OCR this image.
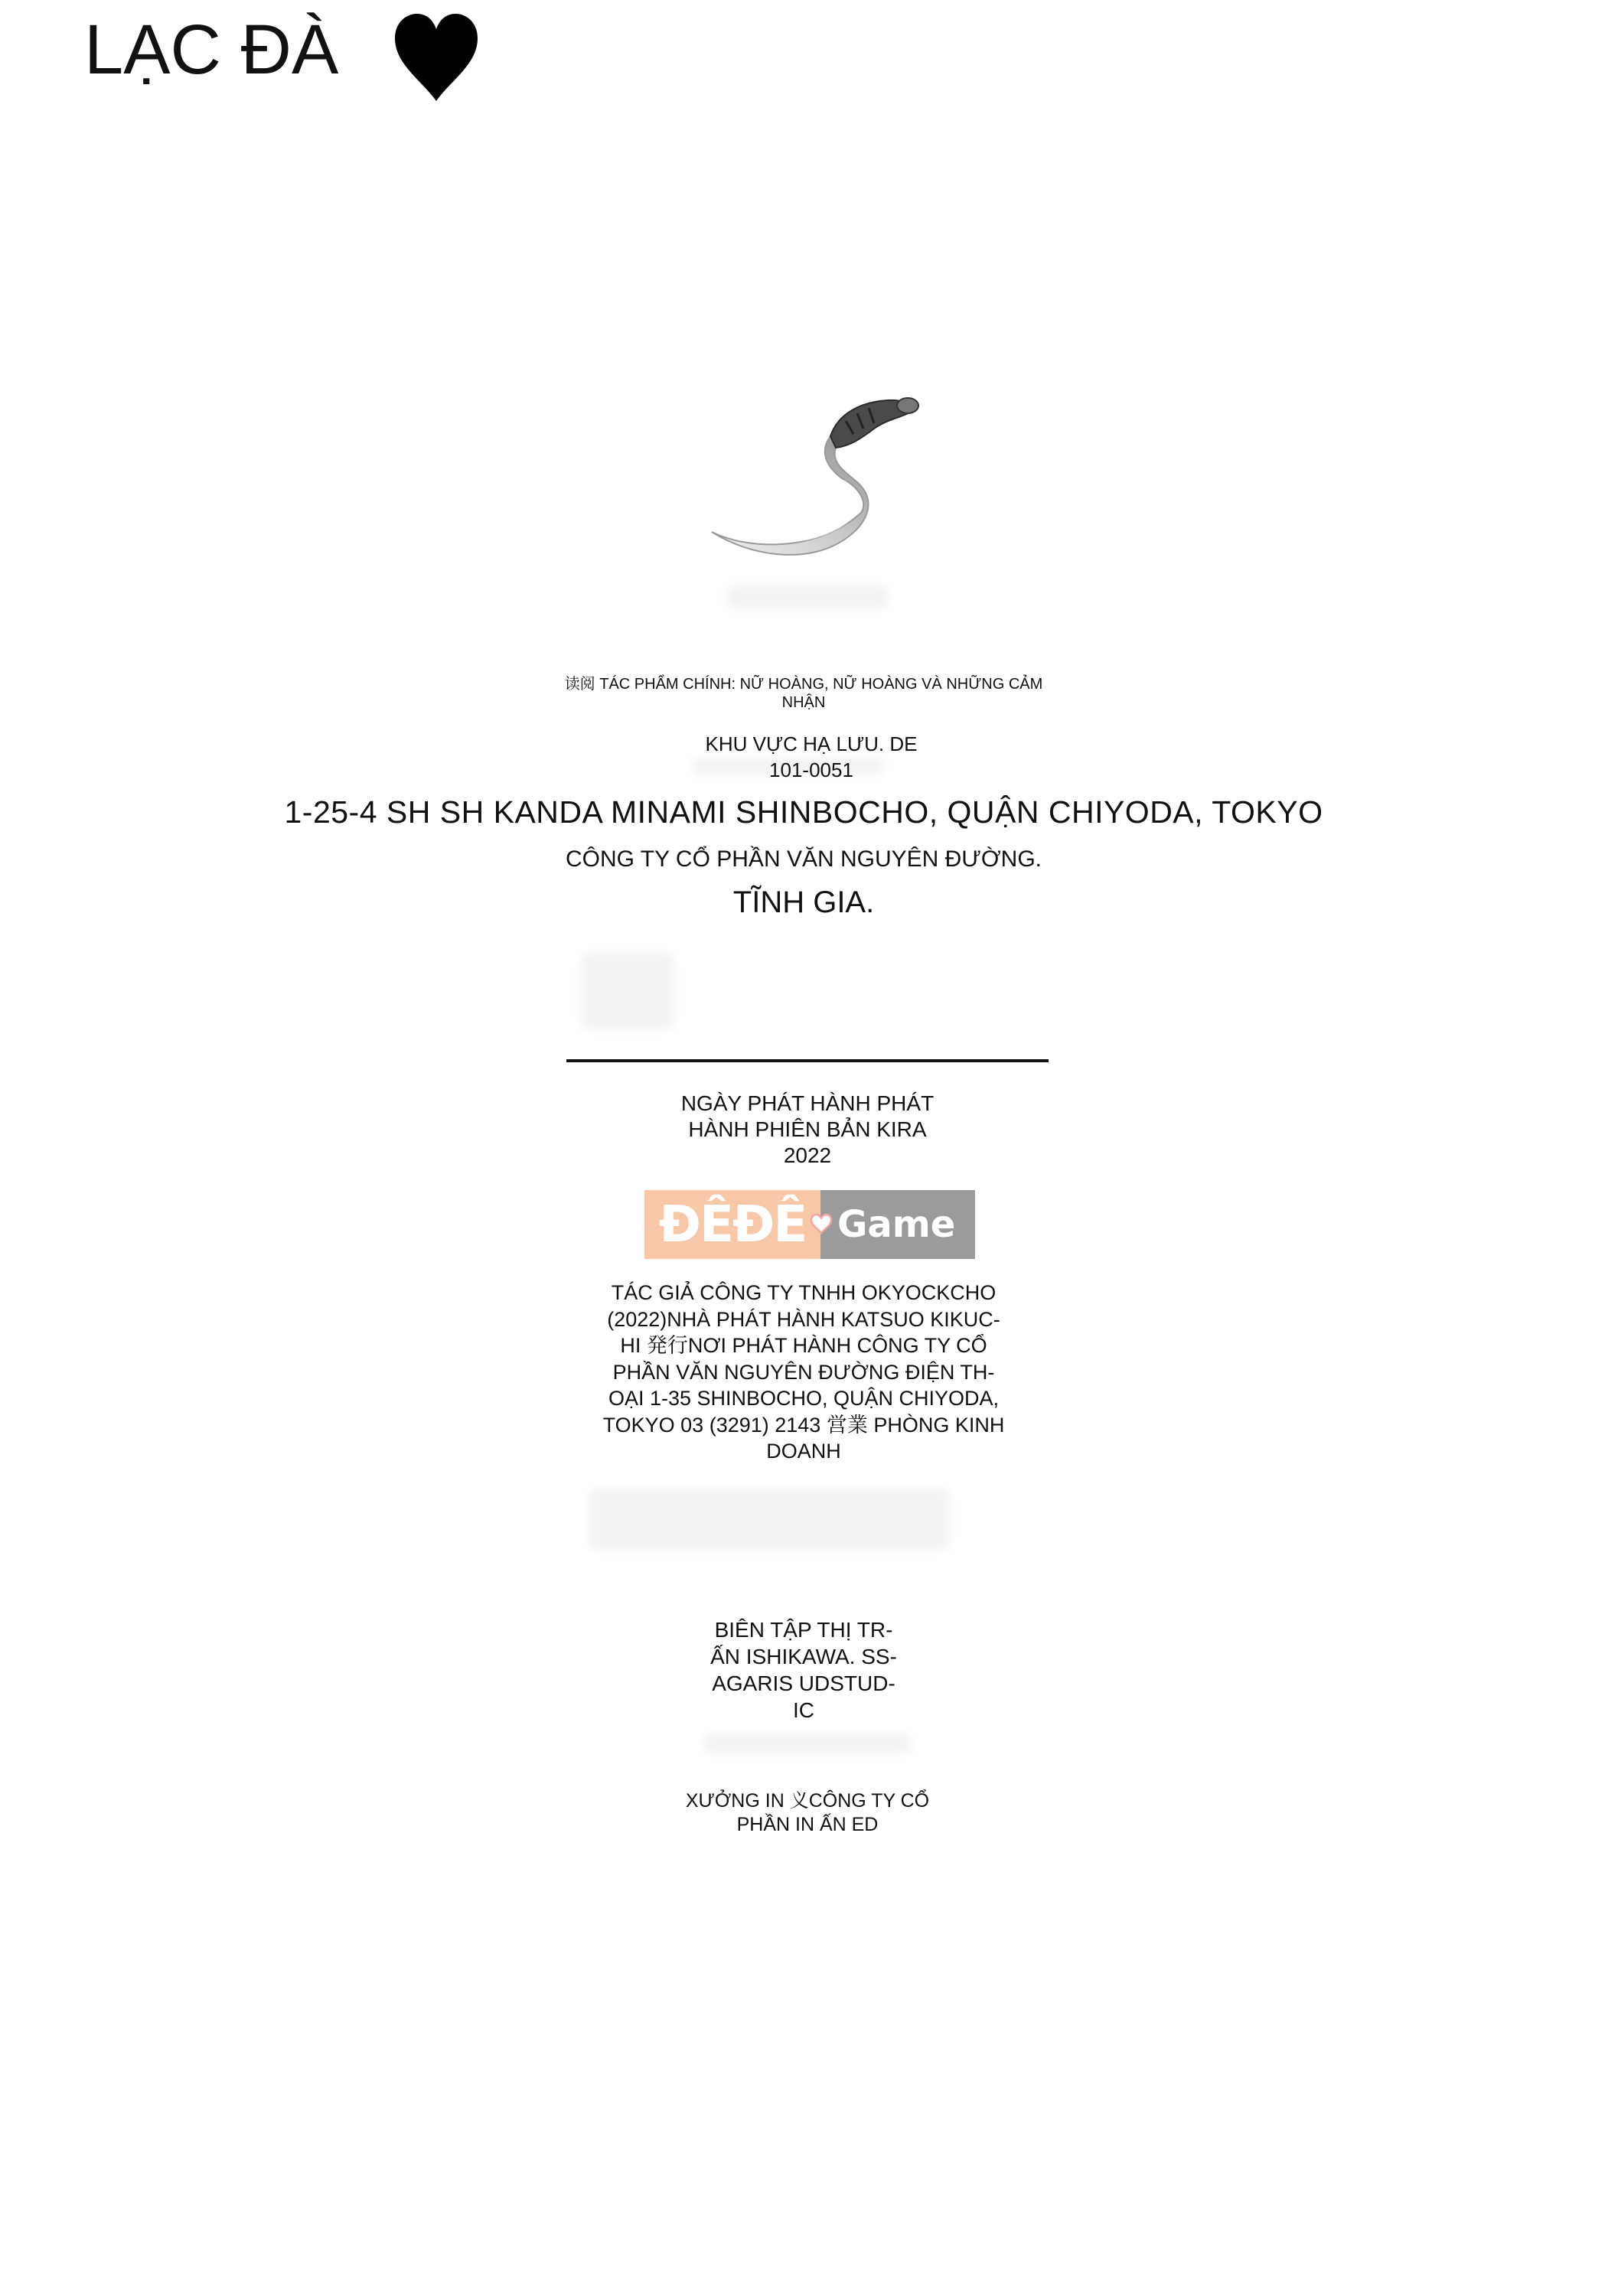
读阅 TÁC PHẨM CHÍNH: NỮ HOÀNG, NỮ HOÀNG VÀ NHỮNG CẢM NHẬN
KHU VỰC HẠ LƯU. DE
101-0051
1-25-4 SH SH KANDA MINAMI SHINBOCHO, QUẬN CHIYODA, TOKYO
CÔNG TY CỔ PHẦN VĂN NGUYÊN ĐƯỜNG.
TĨNH GIA.
LẠC ĐÀ
NGÀY PHÁT HÀNH PHÁT
HÀNH PHIÊN BẢN KIRA
2022
ĐÊĐÊ Game
TÁC GIẢ CÔNG TY TNHH OKYOCKCHO
(2022)NHÀ PHÁT HÀNH KATSUO KIKUC-
HI 発行NƠI PHÁT HÀNH CÔNG TY CỔ
PHẦN VĂN NGUYÊN ĐƯỜNG ĐIỆN TH-
OẠI 1-35 SHINBOCHO, QUẬN CHIYODA,
TOKYO 03 (3291) 2143 営業 PHÒNG KINH
DOANH
BIÊN TẬP THỊ TR-
ẤN ISHIKAWA. SS-
AGARIS UDSTUD-
IC
XƯỞNG IN 义CÔNG TY CỔ
PHẦN IN ẤN ED
